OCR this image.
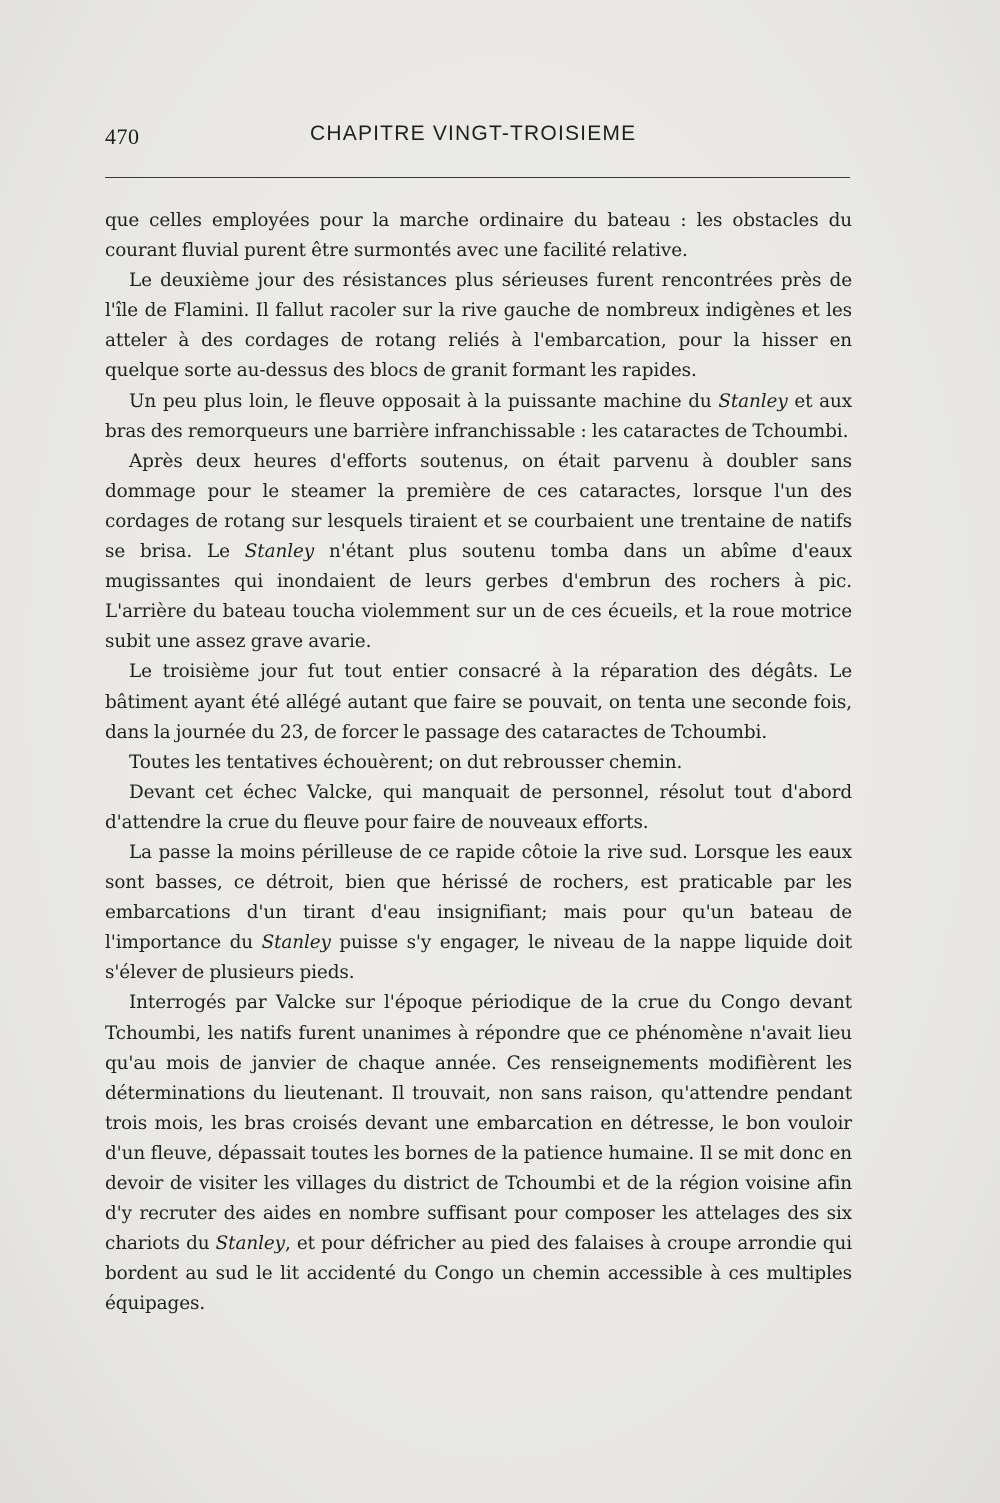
470	CHAPITRE VINGT-TROISIEME

que celles employées pour la marche ordinaire du bateau : les obstacles du courant fluvial purent être surmontés avec une facilité relative.

Le deuxième jour des résistances plus sérieuses furent rencontrées près de l'île de Flamini. Il fallut racoler sur la rive gauche de nombreux indigènes et les atteler à des cordages de rotang reliés à l'embarcation, pour la hisser en quelque sorte au-dessus des blocs de granit formant les rapides.

Un peu plus loin, le fleuve opposait à la puissante machine du Stanley et aux bras des remorqueurs une barrière infranchissable : les cataractes de Tchoumbi.

Après deux heures d'efforts soutenus, on était parvenu à doubler sans dommage pour le steamer la première de ces cataractes, lorsque l'un des cordages de rotang sur lesquels tiraient et se courbaient une trentaine de natifs se brisa. Le Stanley n'étant plus soutenu tomba dans un abîme d'eaux mugissantes qui inondaient de leurs gerbes d'embrun des rochers à pic. L'arrière du bateau toucha violemment sur un de ces écueils, et la roue motrice subit une assez grave avarie.

Le troisième jour fut tout entier consacré à la réparation des dégâts. Le bâtiment ayant été allégé autant que faire se pouvait, on tenta une seconde fois, dans la journée du 23, de forcer le passage des cataractes de Tchoumbi.

Toutes les tentatives échouèrent; on dut rebrousser chemin.

Devant cet échec Valcke, qui manquait de personnel, résolut tout d'abord d'attendre la crue du fleuve pour faire de nouveaux efforts.

La passe la moins périlleuse de ce rapide côtoie la rive sud. Lorsque les eaux sont basses, ce détroit, bien que hérissé de rochers, est praticable par les embarcations d'un tirant d'eau insignifiant; mais pour qu'un bateau de l'importance du Stanley puisse s'y engager, le niveau de la nappe liquide doit s'élever de plusieurs pieds.

Interrogés par Valcke sur l'époque périodique de la crue du Congo devant Tchoumbi, les natifs furent unanimes à répondre que ce phénomène n'avait lieu qu'au mois de janvier de chaque année. Ces renseignements modifièrent les déterminations du lieutenant. Il trouvait, non sans raison, qu'attendre pendant trois mois, les bras croisés devant une embarcation en détresse, le bon vouloir d'un fleuve, dépassait toutes les bornes de la patience humaine. Il se mit donc en devoir de visiter les villages du district de Tchoumbi et de la région voisine afin d'y recruter des aides en nombre suffisant pour composer les attelages des six chariots du Stanley, et pour défricher au pied des falaises à croupe arrondie qui bordent au sud le lit accidenté du Congo un chemin accessible à ces multiples équipages.
